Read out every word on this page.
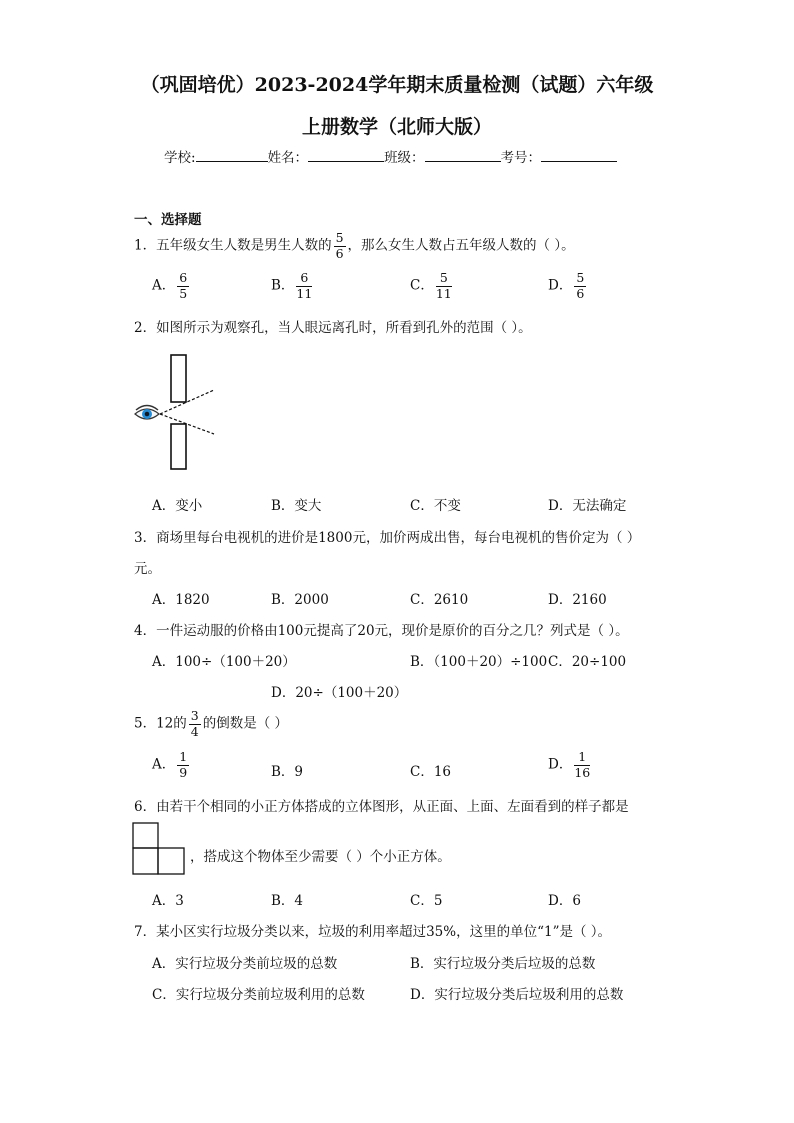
（巩固培优）2023-2024学年期末质量检测（试题）六年级
上册数学（北师大版）
学校:	姓名：	班级：	考号：
一、选择题
1．五年级女生人数是男生人数的 $\frac{5}{6}$ ，那么女生人数占五年级人数的（ ）。
A． $\frac{6}{5}$	B． $\frac{6}{11}$	C． $\frac{5}{11}$	D． $\frac{5}{6}$
2．如图所示为观察孔，当人眼远离孔时，所看到孔外的范围（ ）。
A．变小	B．变大	C．不变	D．无法确定
3．商场里每台电视机的进价是1800元，加价两成出售，每台电视机的售价定为（ ）
元。
A．1820	B．2000	C．2610	D．2160
4．一件运动服的价格由100元提高了20元，现价是原价的百分之几？列式是（ ）。
A．100÷（100＋20）	B．（100＋20）÷100 C．20÷100
D．20÷（100＋20）
5．12的 $\frac{3}{4}$ 的倒数是（ ）
A． $\frac{1}{9}$	B．9	C．16	D． $\frac{1}{16}$
6．由若干个相同的小正方体搭成的立体图形，从正面、上面、左面看到的样子都是
，搭成这个物体至少需要（ ）个小正方体。
A．3	B．4	C．5	D．6
7．某小区实行垃圾分类以来，垃圾的利用率超过35%，这里的单位“1”是（ ）。
A．实行垃圾分类前垃圾的总数	B．实行垃圾分类后垃圾的总数
C．实行垃圾分类前垃圾利用的总数	D．实行垃圾分类后垃圾利用的总数
